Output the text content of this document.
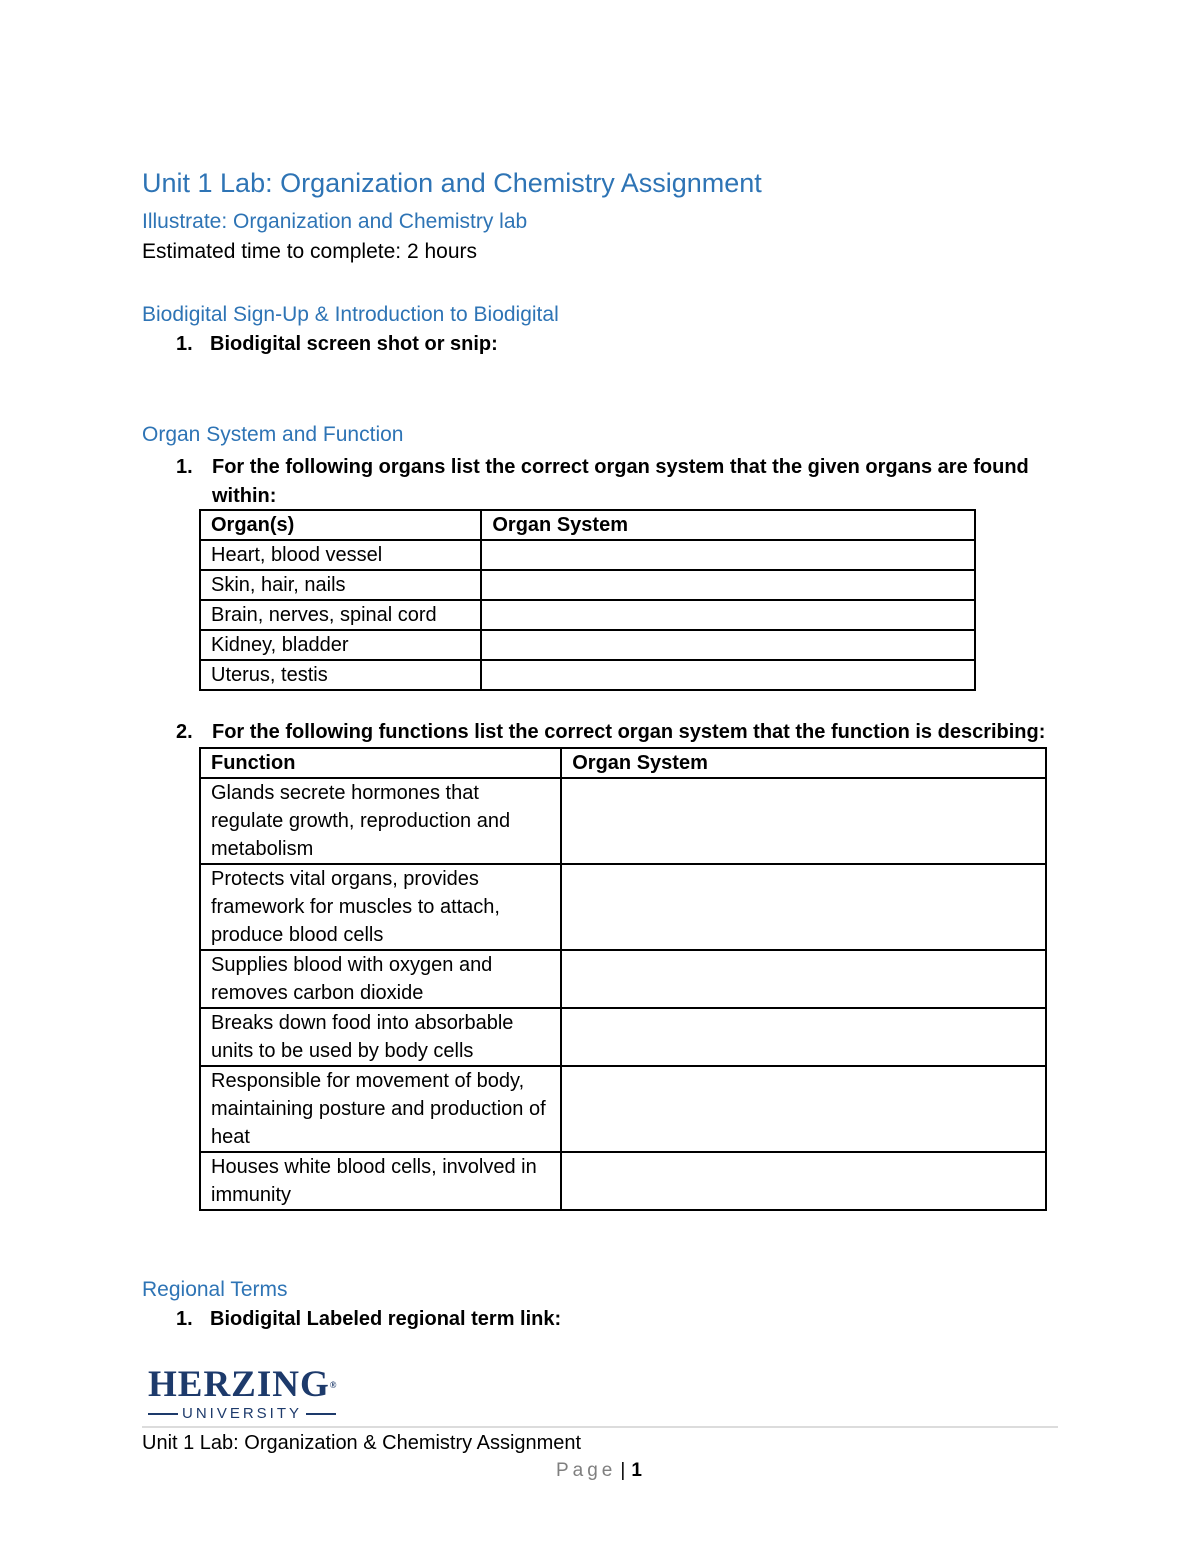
Unit 1 Lab: Organization and Chemistry Assignment
Illustrate: Organization and Chemistry lab
Estimated time to complete: 2 hours
Biodigital Sign-Up & Introduction to Biodigital
1. Biodigital screen shot or snip:
Organ System and Function
1. For the following organs list the correct organ system that the given organs are found within:
Organ(s)	Organ System
Heart, blood vessel	
Skin, hair, nails	
Brain, nerves, spinal cord	
Kidney, bladder	
Uterus, testis	
2. For the following functions list the correct organ system that the function is describing:
Function	Organ System
Glands secrete hormones that regulate growth, reproduction and metabolism	
Protects vital organs, provides framework for muscles to attach, produce blood cells	
Supplies blood with oxygen and removes carbon dioxide	
Breaks down food into absorbable units to be used by body cells	
Responsible for movement of body, maintaining posture and production of heat	
Houses white blood cells, involved in immunity	
Regional Terms
1. Biodigital Labeled regional term link:
HERZING®
UNIVERSITY
Unit 1 Lab: Organization & Chemistry Assignment
Page | 1
